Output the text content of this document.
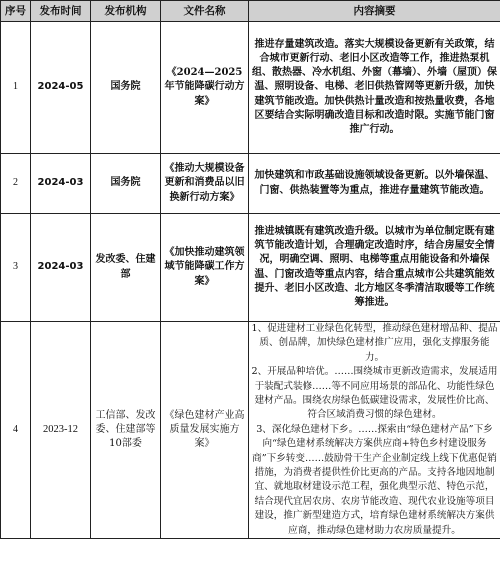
序号	发布时间	发布机构	文件名称	内容摘要
1	2024-05	国务院	《2024—2025年节能降碳行动方案》	推进存量建筑改造。落实大规模设备更新有关政策，结合城市更新行动、老旧小区改造等工作，推进热泵机组、散热器、冷水机组、外窗（幕墙）、外墙（屋顶）保温、照明设备、电梯、老旧供热管网等更新升级，加快建筑节能改造。加快供热计量改造和按热量收费，各地区要结合实际明确改造目标和改造时限。实施节能门窗推广行动。

2	2024-03	国务院	《推动大规模设备更新和消费品以旧换新行动方案》	加快建筑和市政基础设施领域设备更新。以外墙保温、门窗、供热装置等为重点，推进存量建筑节能改造。

3	2024-03	发改委、住建部	《加快推动建筑领域节能降碳工作方案》	推进城镇既有建筑改造升级。以城市为单位制定既有建筑节能改造计划，合理确定改造时序，结合房屋安全情况，明确空调、照明、电梯等重点用能设备和外墙保温、门窗改造等重点内容，结合重点城市公共建筑能效提升、老旧小区改造、北方地区冬季清洁取暖等工作统筹推进。

4	2023-12	工信部、发改委、住建部等10部委	《绿色建材产业高质量发展实施方案》	1、促进建材工业绿色化转型，推动绿色建材增品种、提品质、创品牌，加快绿色建材推广应用，强化支撑服务能力。
2、开展品种培优。……围绕城市更新改造需求，发展适用于装配式装修……等不同应用场景的部品化、功能性绿色建材产品。围绕农房绿色低碳建设需求，发展性价比高、符合区域消费习惯的绿色建材。
3、深化绿色建材下乡。……探索由“绿色建材产品”下乡向“绿色建材系统解决方案供应商+特色乡村建设服务商”下乡转变……鼓励骨干生产企业制定线上线下优惠促销措施，为消费者提供性价比更高的产品。支持各地因地制宜、就地取材建设示范工程，强化典型示范、特色示范，结合现代宜居农房、农房节能改造、现代农业设施等项目建设，推广新型建造方式，培育绿色建材系统解决方案供应商，推动绿色建材助力农房质量提升。
